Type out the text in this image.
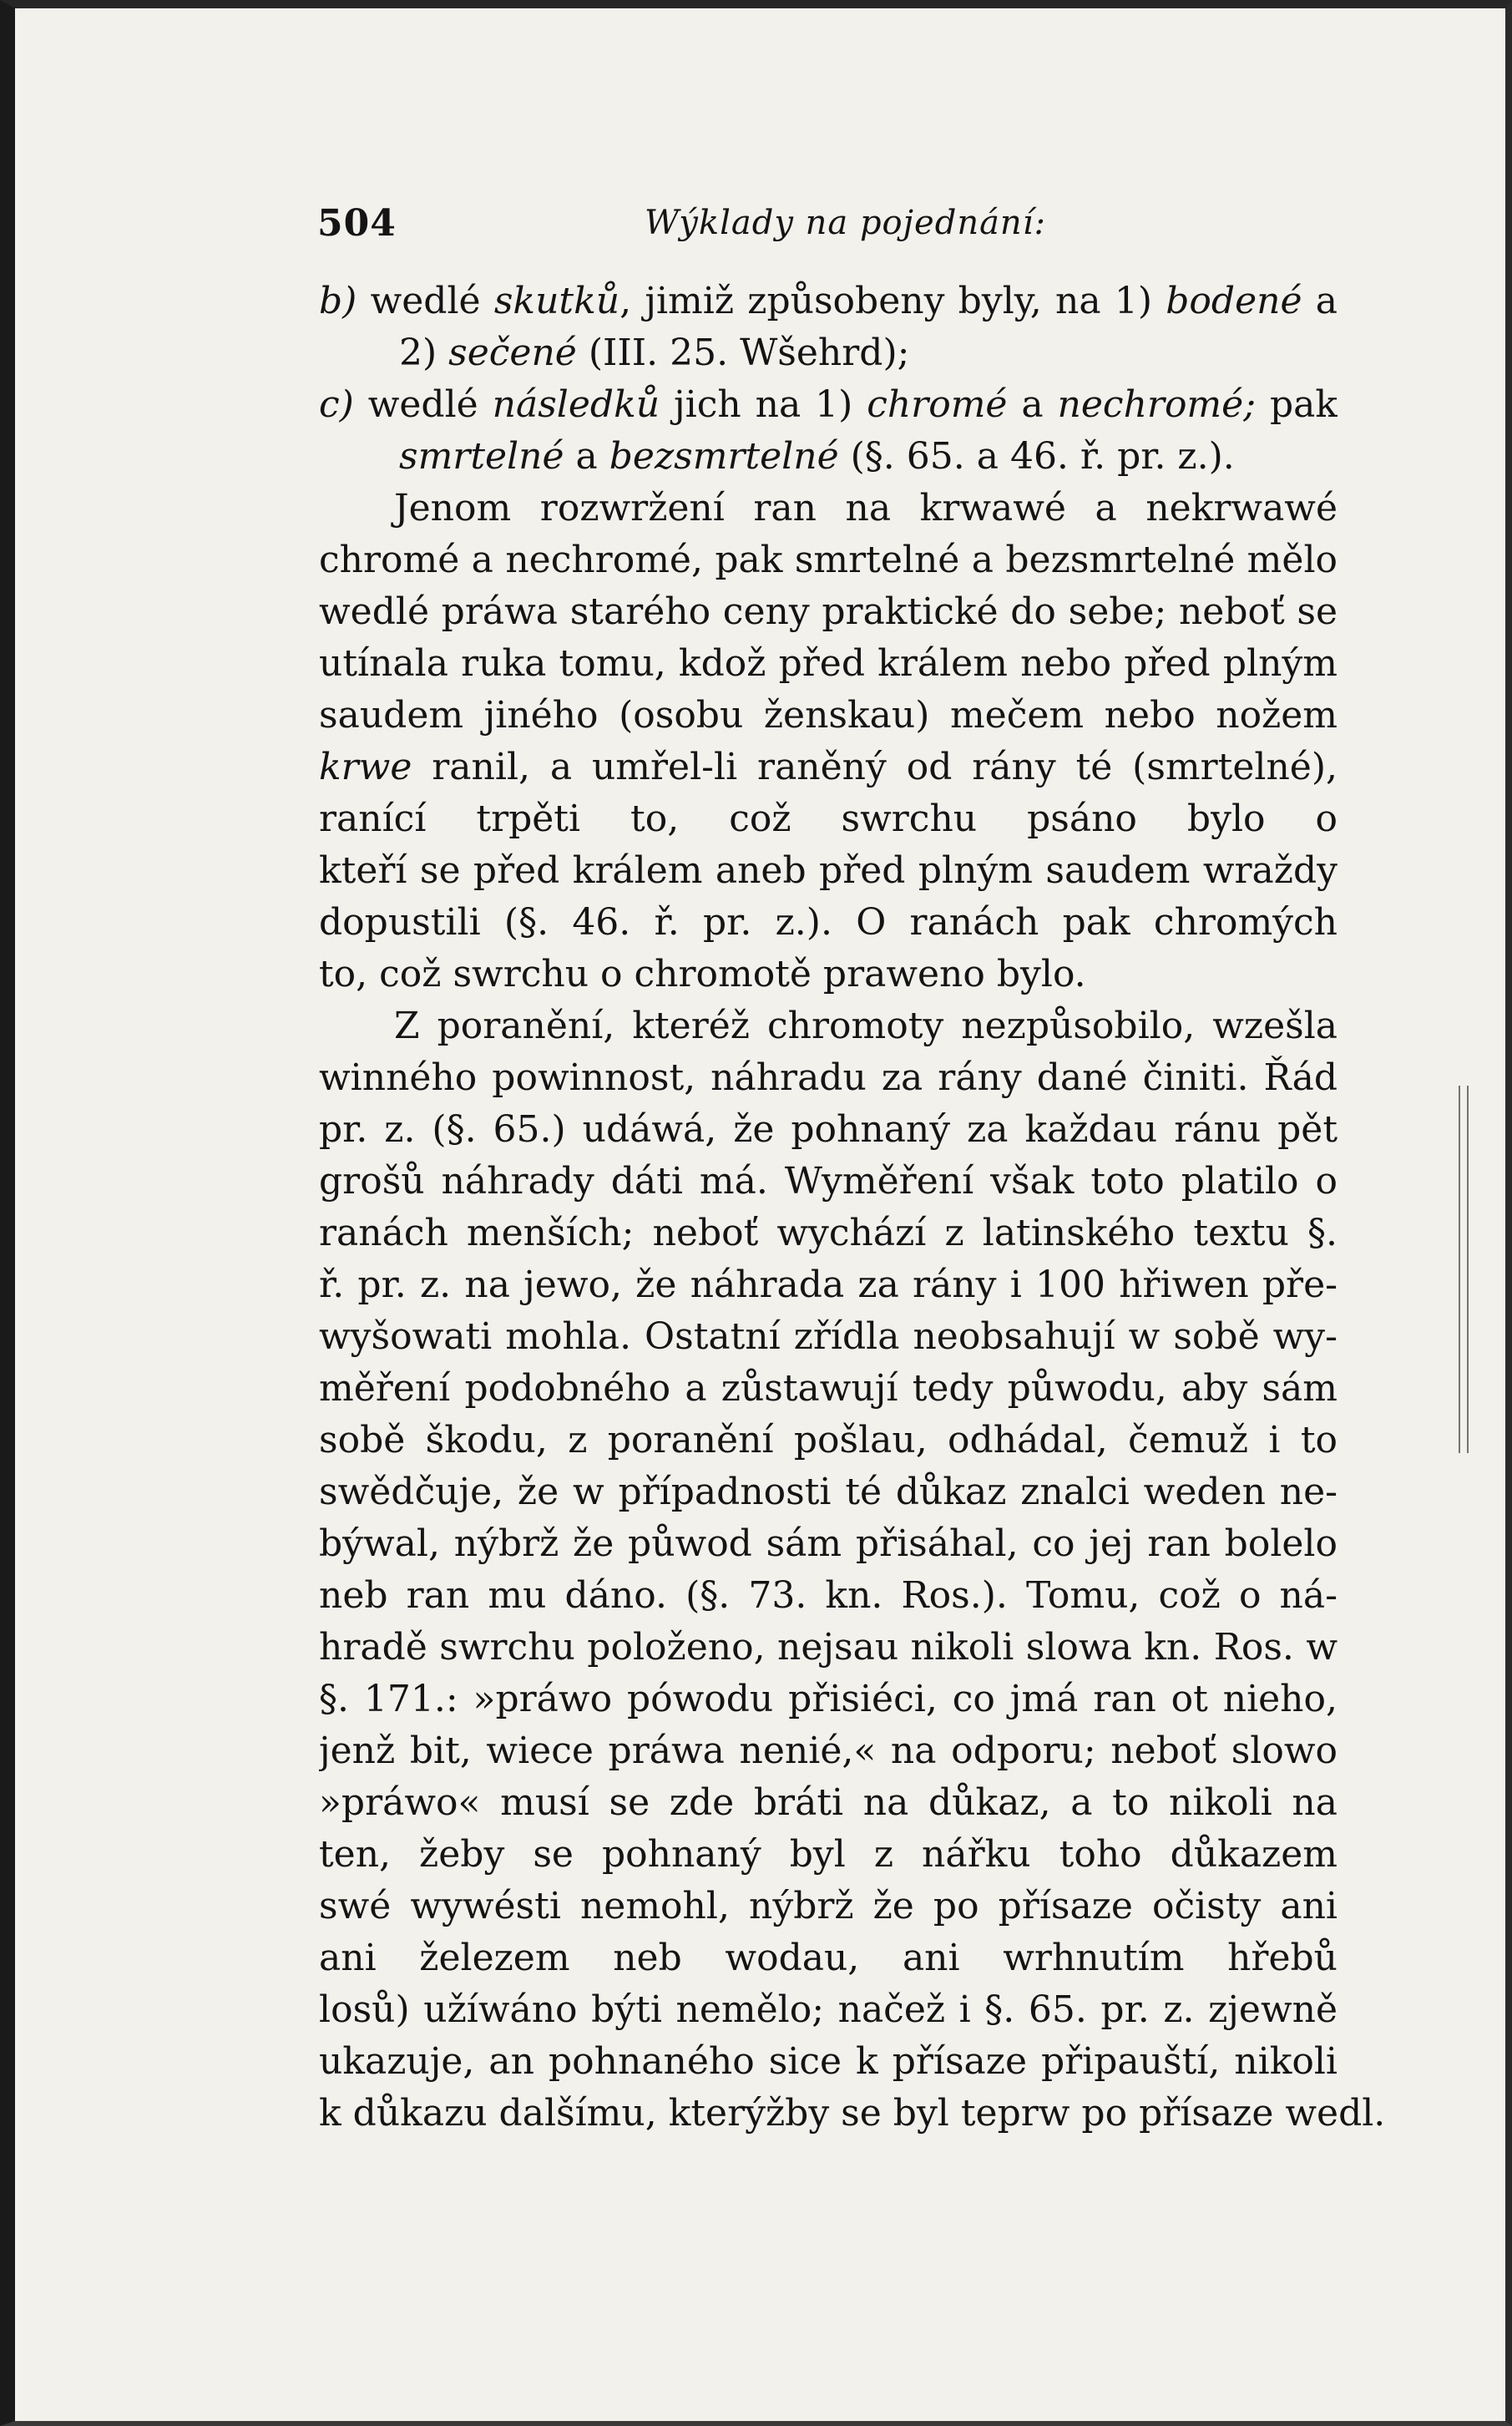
504	Wýklady na pojednání:
b) wedlé skutků, jimiž způsobeny byly, na 1) bodené a
2) sečené (III. 25. Wšehrd);
c) wedlé následků jich na 1) chromé a nechromé; pak
smrtelné a bezsmrtelné (§. 65. a 46. ř. pr. z.).
Jenom rozwržení ran na krwawé a nekrwawé
chromé a nechromé, pak smrtelné a bezsmrtelné mělo
wedlé práwa starého ceny praktické do sebe; neboť se
utínala ruka tomu, kdož před králem nebo před plným
saudem jiného (osobu ženskau) mečem nebo nožem
krwe ranil, a umřel-li raněný od rány té (smrtelné),
ranící trpěti to, což swrchu psáno bylo o
kteří se před králem aneb před plným saudem wraždy
dopustili (§. 46. ř. pr. z.). O ranách pak chromých
to, což swrchu o chromotě praweno bylo.
Z poranění, kteréž chromoty nezpůsobilo, wzešla
winného powinnost, náhradu za rány dané činiti. Řád
pr. z. (§. 65.) udáwá, že pohnaný za každau ránu pět
grošů náhrady dáti má. Wyměření však toto platilo o
ranách menších; neboť wychází z latinského textu §.
ř. pr. z. na jewo, že náhrada za rány i 100 hřiwen pře-
wyšowati mohla. Ostatní zřídla neobsahují w sobě wy-
měření podobného a zůstawují tedy půwodu, aby sám
sobě škodu, z poranění pošlau, odhádal, čemuž i to
swědčuje, že w případnosti té důkaz znalci weden ne-
býwal, nýbrž že půwod sám přisáhal, co jej ran bolelo
neb ran mu dáno. (§. 73. kn. Ros.). Tomu, což o ná-
hradě swrchu položeno, nejsau nikoli slowa kn. Ros. w
§. 171.: »práwo pówodu přisiéci, co jmá ran ot nieho,
jenž bit, wiece práwa nenié,« na odporu; neboť slowo
»práwo« musí se zde bráti na důkaz, a to nikoli na
ten, žeby se pohnaný byl z nářku toho důkazem
swé wywésti nemohl, nýbrž že po přísaze očisty ani
ani železem neb wodau, ani wrhnutím hřebů
losů) užíwáno býti nemělo; načež i §. 65. pr. z. zjewně
ukazuje, an pohnaného sice k přísaze připauští, nikoli
k důkazu dalšímu, kterýžby se byl teprw po přísaze wedl.
